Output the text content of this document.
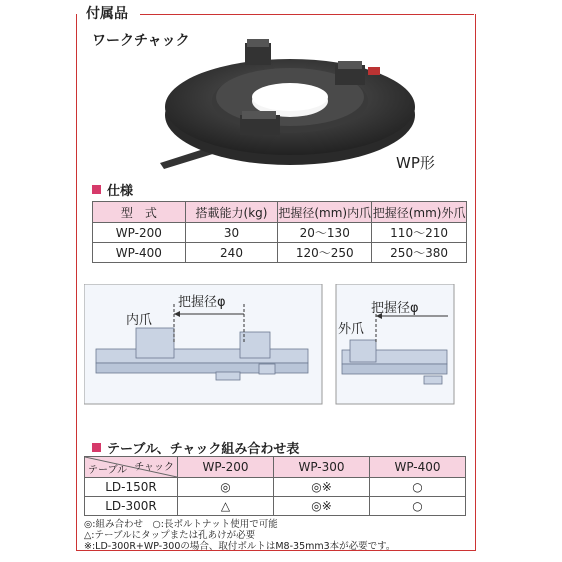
付属品
ワークチャック
WP形
仕様
型　式	搭載能力(kg)	把握径(mm)内爪	把握径(mm)外爪
WP-200	30	20～130	110～210
WP-400	240	120～250	250～380
把握径φ
内爪
把握径φ
外爪
テーブル、チャック組み合わせ表
チャック
テーブル	WP-200	WP-300	WP-400
LD-150R	◎	◎※	○
LD-300R	△	◎※	○
◎:組み合わせ　○:長ボルトナット使用で可能
△:テーブルにタップまたは孔あけが必要
※:LD-300R+WP-300の場合、取付ボルトはM8-35mm3本が必要です。
